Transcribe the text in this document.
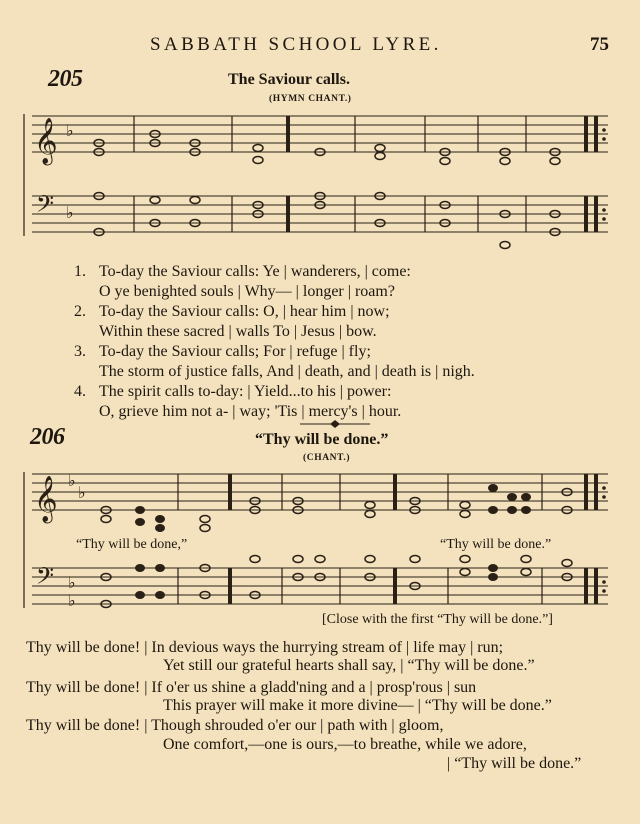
SABBATH SCHOOL LYRE.	75
205	The Saviour calls.
(HYMN CHANT.)
𝄞 ♭
𝄢 ♭
1. To-day the Saviour calls: Ye | wanderers, | come:
O ye benighted souls | Why— | longer | roam?
2. To-day the Saviour calls: O, | hear him | now;
Within these sacred | walls To | Jesus | bow.
3. To-day the Saviour calls; For | refuge | fly;
The storm of justice falls, And | death, and | death is | nigh.
4. The spirit calls to-day: | Yield...to his | power:
O, grieve him not a- | way; 'Tis | mercy's | hour.
206	“Thy will be done.”
(CHANT.)
𝄞 ♭
♭
𝄢 ♭
♭
“Thy will be done,”	“Thy will be done.”
[Close with the first “Thy will be done.”]
Thy will be done! | In devious ways the hurrying stream of | life may | run;
Yet still our grateful hearts shall say, | “Thy will be done.”
Thy will be done! | If o'er us shine a gladd'ning and a | prosp'rous | sun
This prayer will make it more divine— | “Thy will be done.”
Thy will be done! | Though shrouded o'er our | path with | gloom,
One comfort,—one is ours,—to breathe, while we adore,
| “Thy will be done.”
